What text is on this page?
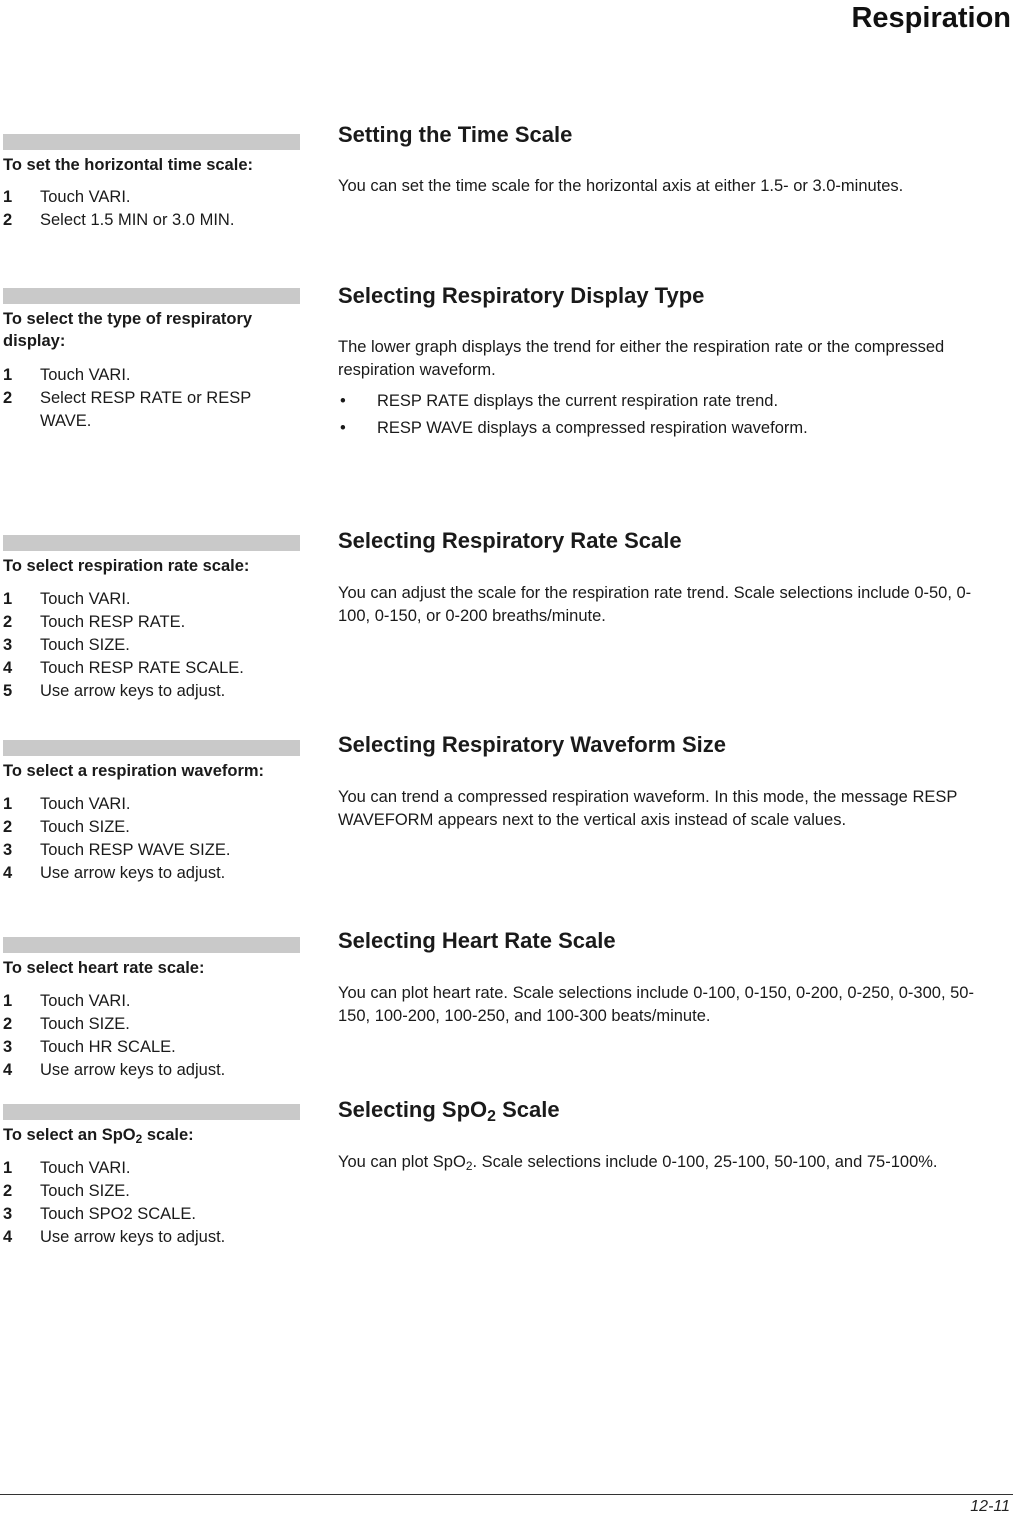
Respiration
To set the horizontal time scale:
1	Touch VARI.
2	Select 1.5 MIN or 3.0 MIN.
Setting the Time Scale

You can set the time scale for the horizontal axis at either 1.5- or 3.0-minutes.

To select the type of respiratory display:
1	Touch VARI.
2	Select RESP RATE or RESP WAVE.
Selecting Respiratory Display Type

The lower graph displays the trend for either the respiration rate or the compressed respiration waveform.

•	RESP RATE displays the current respiration rate trend.
•	RESP WAVE displays a compressed respiration waveform.
To select respiration rate scale:
1	Touch VARI.
2	Touch RESP RATE.
3	Touch SIZE.
4	Touch RESP RATE SCALE.
5	Use arrow keys to adjust.
Selecting Respiratory Rate Scale

You can adjust the scale for the respiration rate trend. Scale selections include 0-50, 0-100, 0-150, or 0-200 breaths/minute.

To select a respiration waveform:
1	Touch VARI.
2	Touch SIZE.
3	Touch RESP WAVE SIZE.
4	Use arrow keys to adjust.
Selecting Respiratory Waveform Size

You can trend a compressed respiration waveform. In this mode, the message RESP WAVEFORM appears next to the vertical axis instead of scale values.

To select heart rate scale:
1	Touch VARI.
2	Touch SIZE.
3	Touch HR SCALE.
4	Use arrow keys to adjust.
Selecting Heart Rate Scale

You can plot heart rate. Scale selections include 0-100, 0-150, 0-200, 0-250, 0-300, 50-150, 100-200, 100-250, and 100-300 beats/minute.

To select an SpO$_2$ scale:
1	Touch VARI.
2	Touch SIZE.
3	Touch SPO2 SCALE.
4	Use arrow keys to adjust.
Selecting SpO$_2$ Scale

You can plot SpO$_2$. Scale selections include 0-100, 25-100, 50-100, and 75-100%.

12-11
